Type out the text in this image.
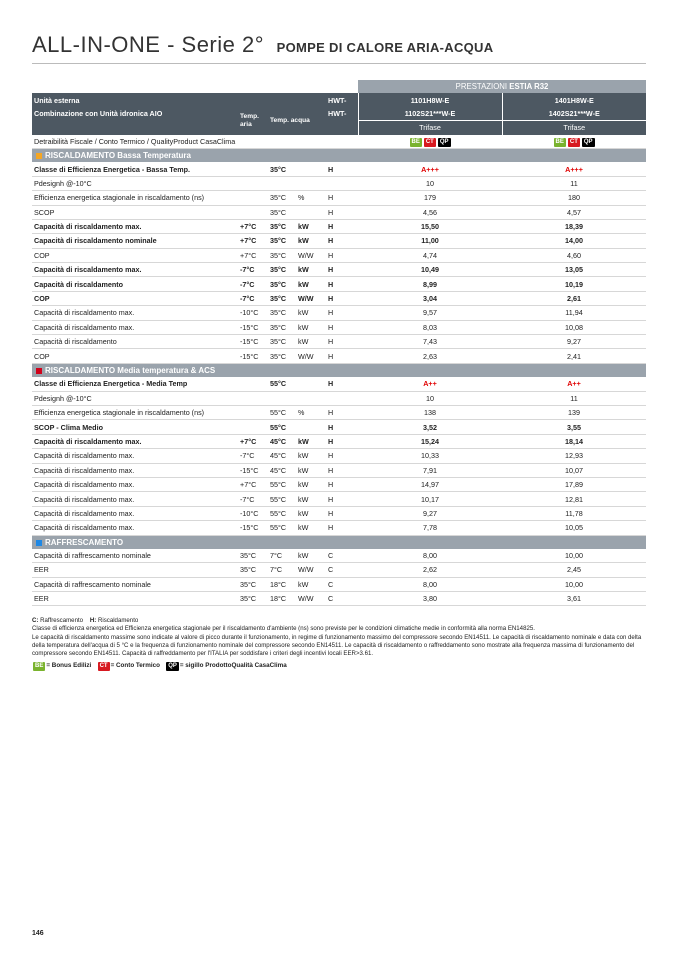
ALL-IN-ONE - Serie 2° POMPE DI CALORE ARIA-ACQUA
					PRESTAZIONI ESTIA R32	
Unità esterna				HWT-	1101H8W-E	1401H8W-E
Combinazione con Unità idronica AIO	Temp. aria	Temp. acqua		HWT-	1102S21***W-E	1402S21***W-E
					Trifase	Trifase
Detraibilità Fiscale / Conto Termico / QualityProduct CasaClima					BE CT QP	BE CT QP
RISCALDAMENTO Bassa Temperatura						
Classe di Efficienza Energetica - Bassa Temp.		35°C		H	A+++	A+++
Pdesignh @-10°C					10	11
Efficienza energetica stagionale in riscaldamento (ns)		35°C	%	H	179	180
SCOP		35°C		H	4,56	4,57
Capacità di riscaldamento max.	+7°C	35°C	kW	H	15,50	18,39
Capacità di riscaldamento nominale	+7°C	35°C	kW	H	11,00	14,00
COP	+7°C	35°C	W/W	H	4,74	4,60
Capacità di riscaldamento max.	-7°C	35°C	kW	H	10,49	13,05
Capacità di riscaldamento	-7°C	35°C	kW	H	8,99	10,19
COP	-7°C	35°C	W/W	H	3,04	2,61
Capacità di riscaldamento max.	-10°C	35°C	kW	H	9,57	11,94
Capacità di riscaldamento max.	-15°C	35°C	kW	H	8,03	10,08
Capacità di riscaldamento	-15°C	35°C	kW	H	7,43	9,27
COP	-15°C	35°C	W/W	H	2,63	2,41
RISCALDAMENTO Media temperatura & ACS						
Classe di Efficienza Energetica - Media Temp		55°C		H	A++	A++
Pdesignh @-10°C					10	11
Efficienza energetica stagionale in riscaldamento (ns)		55°C	%	H	138	139
SCOP - Clima Medio		55°C		H	3,52	3,55
Capacità di riscaldamento max.	+7°C	45°C	kW	H	15,24	18,14
Capacità di riscaldamento max.	-7°C	45°C	kW	H	10,33	12,93
Capacità di riscaldamento max.	-15°C	45°C	kW	H	7,91	10,07
Capacità di riscaldamento max.	+7°C	55°C	kW	H	14,97	17,89
Capacità di riscaldamento max.	-7°C	55°C	kW	H	10,17	12,81
Capacità di riscaldamento max.	-10°C	55°C	kW	H	9,27	11,78
Capacità di riscaldamento max.	-15°C	55°C	kW	H	7,78	10,05
RAFFRESCAMENTO						
Capacità di raffrescamento nominale	35°C	7°C	kW	C	8,00	10,00
EER	35°C	7°C	W/W	C	2,62	2,45
Capacità di raffrescamento nominale	35°C	18°C	kW	C	8,00	10,00
EER	35°C	18°C	W/W	C	3,80	3,61

C: Raffrescamento H: Riscaldamento

Classe di efficienza energetica ed Efficienza energetica stagionale per il riscaldamento d'ambiente (ns) sono previste per le condizioni climatiche medie in conformità alla norma EN14825.

Le capacità di riscaldamento massime sono indicate al valore di picco durante il funzionamento, in regime di funzionamento massimo del compressore secondo EN14511. Le capacità di riscaldamento nominale e data con delta della temperatura dell'acqua di 5 °C e la frequenza di funzionamento nominale del compressore secondo EN14511. Le capacità di riscaldamento o raffreddamento sono mostrate alla frequenza massima di funzionamento del compressore secondo EN14511. Capacità di raffreddamento per l'ITALIA per soddisfare i criteri degli incentivi locali EER>3.61.

BE = Bonus Edilizi CT = Conto Termico QP = sigillo ProdottoQualità CasaClima
146
